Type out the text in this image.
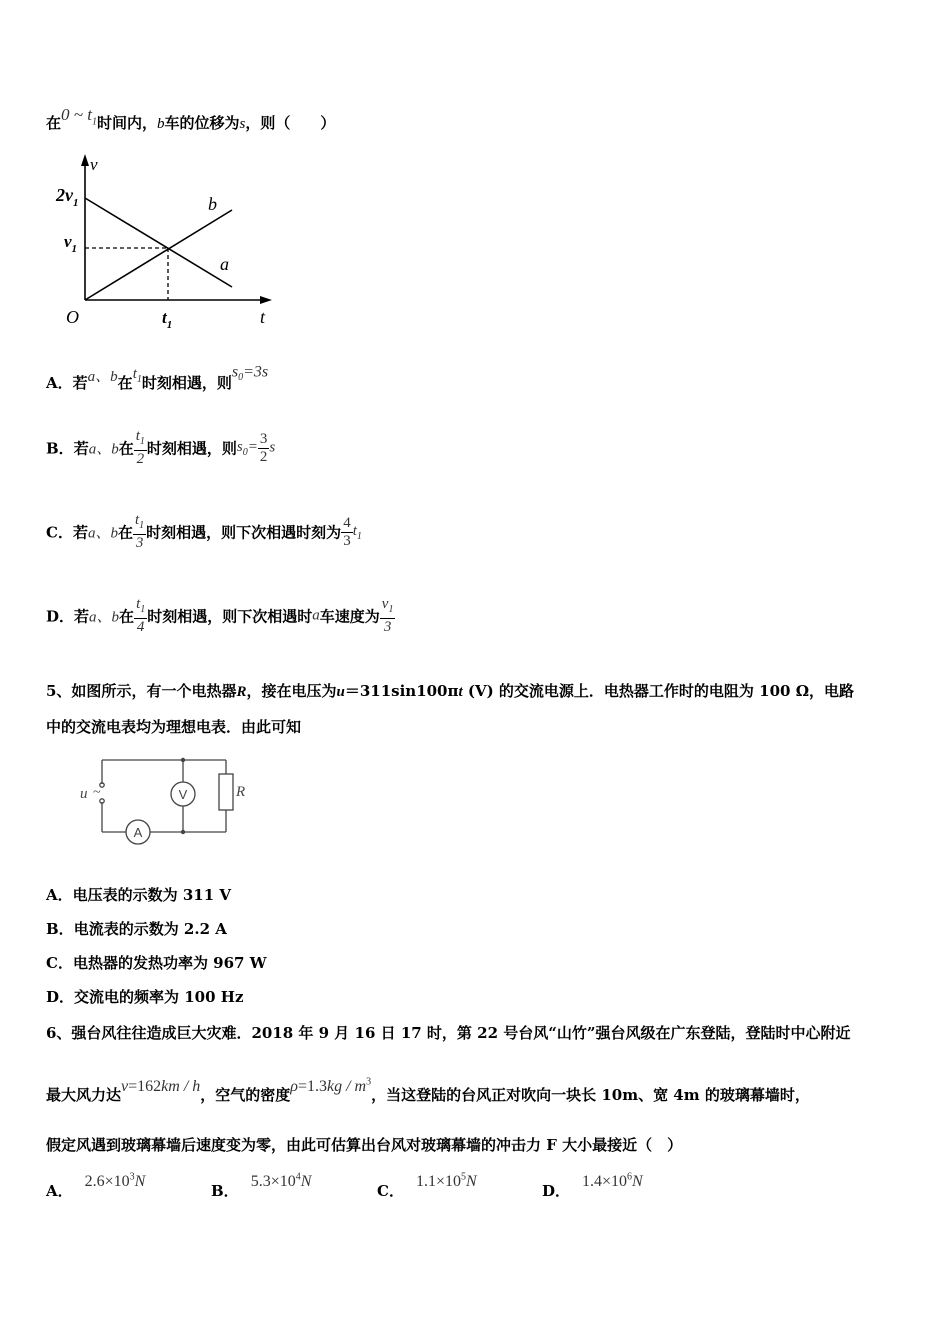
在0 ~ $t_1$时间内，b车的位移为s，则（　　）
v
$2v_1$
$v_1$
b
a
O	$t_1$	t
A．若a、b在$t_1$时刻相遇，则$s_0=3s$
B．若a、b在 $\frac{t_1}{2}$ 时刻相遇，则$s_0= \frac{3}{2}$ s
C．若a、b在 $\frac{t_1}{3}$ 时刻相遇，则下次相遇时刻为 $\frac{4}{3} t_1$
D．若a、b在 $\frac{t_1}{4}$ 时刻相遇，则下次相遇时a车速度为 $\frac{v_1}{3}$
5、如图所示，有一个电热器R，接在电压为u＝311sin100πt (V) 的交流电源上．电热器工作时的电阻为 100 Ω，电路
中的交流电表均为理想电表．由此可知
u ~	V
A
R
A．电压表的示数为 311 V
B．电流表的示数为 2.2 A
C．电热器的发热功率为 967 W
D．交流电的频率为 100 Hz
6、强台风往往造成巨大灾难．2018 年 9 月 16 日 17 时，第 22 号台风“山竹”强台风级在广东登陆，登陆时中心附近
最大风力达v=162km / h，空气的密度$\rho=1.3kg / m^3$，当这登陆的台风正对吹向一块长 10m、宽 4m 的玻璃幕墙时，
假定风遇到玻璃幕墙后速度变为零，由此可估算出台风对玻璃幕墙的冲击力 F 大小最接近（　）
A．$2.6\times 10^3N$
B．$5.3\times 10^4N$
C．$1.1\times 10^5N$
D．$1.4\times 10^6N$
